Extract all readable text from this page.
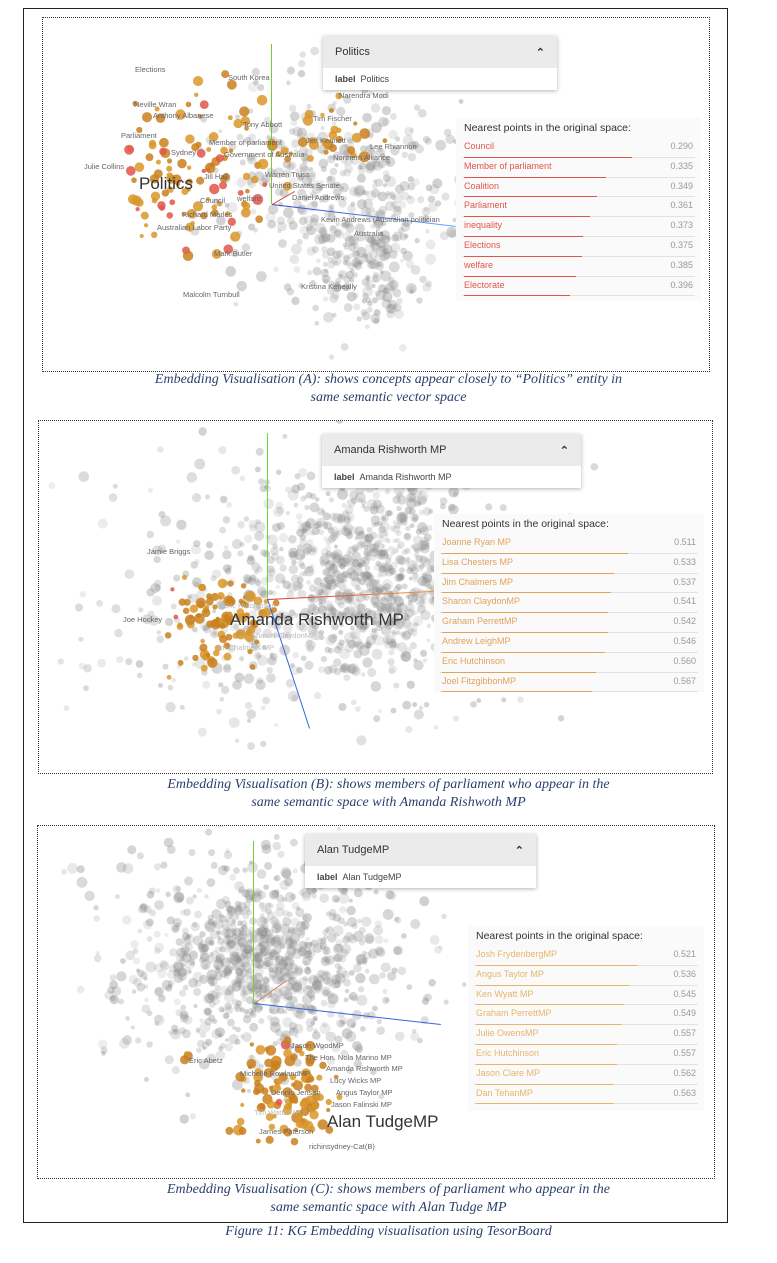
Elections
South Korea
Neville Wran
Anthony Albanese
Parliament
Tony Abbott
Tim Fischer
Member of parliament	Jeff Kennett
Lee Rhiannon
Sydney	Government of Australia	Northern Alliance
Julie Collins
Jill Hall	Warren Truss
United States Senate
Politics
Council welfare	Daniel Andrews
Richard Marles
Kevin Andrews (Australian politician
Australian Labor Party
Australia
Mark Butler
Kristina Keneally
Malcolm Turnbull
Narendra Modi
Politics	⌃
label Politics
Nearest points in the original space:
Council	0.290
Member of parliament	0.335
Coalition	0.349
Parliament	0.361
inequality	0.373
Elections	0.375
welfare	0.385
Electorate	0.396
Embedding Visualisation (A): shows concepts appear closely to “Politics” entity in
same semantic vector space
Jamie Briggs
Joe Hockey	Amanda Rishworth MP
Eric Hutchinson
Sharon ClaydonMP
Jim Chalmers MP
Amanda Rishworth MP	⌃
label Amanda Rishworth MP
Nearest points in the original space:
Joanne Ryan MP	0.511
Lisa Chesters MP	0.533
Jim Chalmers MP	0.537
Sharon ClaydonMP	0.541
Graham PerrettMP	0.542
Andrew LeighMP	0.546
Eric Hutchinson	0.560
Joel FitzgibbonMP	0.567
Embedding Visualisation (B): shows members of parliament who appear in the
same semantic space with Amanda Rishwoth MP
Jason WoodMP
The Hon. Nola Marino MP
Eric Abetz
Amanda Rishworth MP
Michelle RowlandMP
Lucy Wicks MP
Dennis Jensen Angus Taylor MP
Jason Falinski MP
Tim Watts MP Alan TudgeMP
James Paterson
richinsydney-Cat(B)
Alan TudgeMP	⌃
label Alan TudgeMP
Nearest points in the original space:
Josh FrydenbergMP	0.521
Angus Taylor MP	0.536
Ken Wyatt MP	0.545
Graham PerrettMP	0.549
Julie OwensMP	0.557
Eric Hutchinson	0.557
Jason Clare MP	0.562
Dan TehanMP	0.563
Embedding Visualisation (C): shows members of parliament who appear in the
same semantic space with Alan Tudge MP
Figure 11: KG Embedding visualisation using TesorBoard
